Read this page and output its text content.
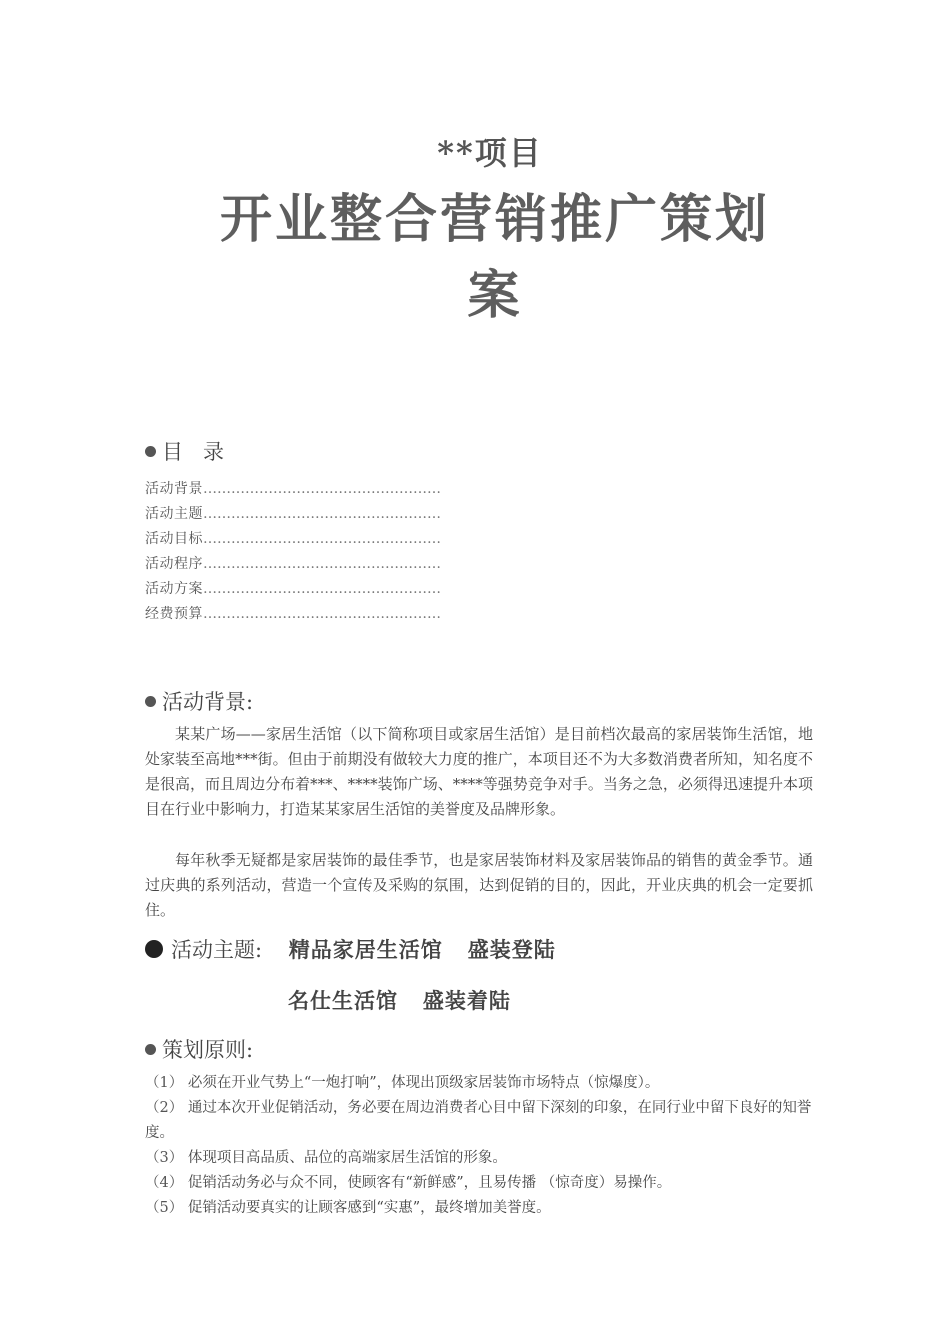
**项目
开业整合营销推广策划
案
目   录
活动背景……………………………………………
活动主题……………………………………………
活动目标……………………………………………
活动程序……………………………………………
活动方案……………………………………………
经费预算……………………………………………
活动背景:
某某广场——家居生活馆（以下简称项目或家居生活馆）是目前档次最高的家居装饰生活馆，地处家装至高地***街。但由于前期没有做较大力度的推广，本项目还不为大多数消费者所知，知名度不是很高，而且周边分布着***、****装饰广场、****等强势竞争对手。当务之急，必须得迅速提升本项目在行业中影响力，打造某某家居生活馆的美誉度及品牌形象。
每年秋季无疑都是家居装饰的最佳季节，也是家居装饰材料及家居装饰品的销售的黄金季节。通过庆典的系列活动，营造一个宣传及采购的氛围，达到促销的目的，因此，开业庆典的机会一定要抓住。
活动主题: 精品家居生活馆   盛装登陆
名仕生活馆   盛装着陆
策划原则:
（1） 必须在开业气势上“一炮打响”，体现出顶级家居装饰市场特点（惊爆度）。
（2） 通过本次开业促销活动，务必要在周边消费者心目中留下深刻的印象，在同行业中留下良好的知誉度。
（3） 体现项目高品质、品位的高端家居生活馆的形象。
（4） 促销活动务必与众不同，使顾客有“新鲜感”，且易传播 （惊奇度）易操作。
（5） 促销活动要真实的让顾客感到“实惠”，最终增加美誉度。
